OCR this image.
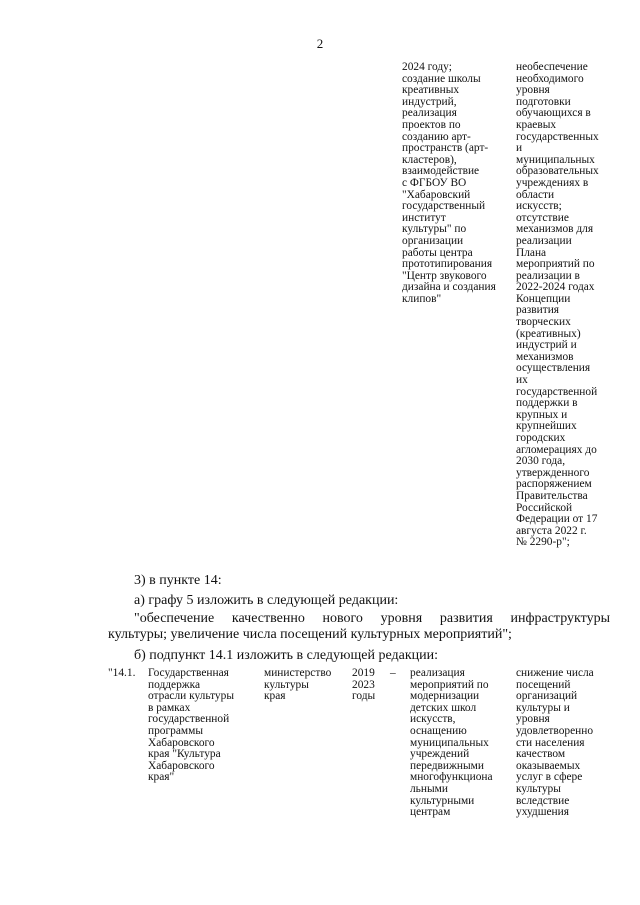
2
2024 году;
создание школы
креативных
индустрий,
реализация
проектов по
созданию арт-
пространств (арт-
кластеров),
взаимодействие
с ФГБОУ ВО
"Хабаровский
государственный
институт
культуры" по
организации
работы центра
прототипирования
"Центр звукового
дизайна и создания
клипов"
необеспечение
необходимого
уровня
подготовки
обучающихся в
краевых
государственных
и
муниципальных
образовательных
учреждениях в
области
искусств;
отсутствие
механизмов для
реализации
Плана
мероприятий по
реализации в
2022-2024 годах
Концепции
развития
творческих
(креативных)
индустрий и
механизмов
осуществления
их
государственной
поддержки в
крупных и
крупнейших
городских
агломерациях до
2030 года,
утвержденного
распоряжением
Правительства
Российской
Федерации от 17
августа 2022 г.
№ 2290-р";
3) в пункте 14:
а) графу 5 изложить в следующей редакции:
"обеспечение качественно нового уровня развития инфраструктуры
культуры; увеличение числа посещений культурных мероприятий";
б) подпункт 14.1 изложить в следующей редакции:
"14.1.	Государственная
поддержка
отрасли культуры
в рамках
государственной
программы
Хабаровского
края "Культура
Хабаровского
края"
министерство
культуры
края
2019
2023
годы
–	реализация
мероприятий по
модернизации
детских школ
искусств,
оснащению
муниципальных
учреждений
передвижными
многофункциона
льными
культурными
центрам
снижение числа
посещений
организаций
культуры и
уровня
удовлетворенно
сти населения
качеством
оказываемых
услуг в сфере
культуры
вследствие
ухудшения
